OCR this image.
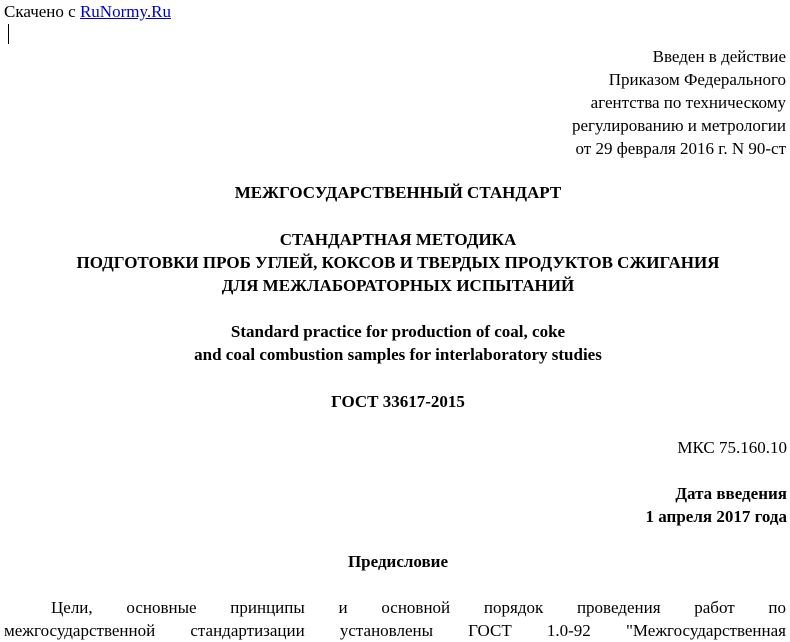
Скачено с RuNormy.Ru
Введен в действие
Приказом Федерального
агентства по техническому
регулированию и метрологии
от 29 февраля 2016 г. N 90-ст
МЕЖГОСУДАРСТВЕННЫЙ СТАНДАРТ
СТАНДАРТНАЯ МЕТОДИКА
ПОДГОТОВКИ ПРОБ УГЛЕЙ, КОКСОВ И ТВЕРДЫХ ПРОДУКТОВ СЖИГАНИЯ
ДЛЯ МЕЖЛАБОРАТОРНЫХ ИСПЫТАНИЙ
Standard practice for production of coal, coke
and coal combustion samples for interlaboratory studies
ГОСТ 33617-2015
МКС 75.160.10
Дата введения
1 апреля 2017 года
Предисловие
Цели, основные принципы и основной порядок проведения работ по
межгосударственной стандартизации установлены ГОСТ 1.0-92 "Межгосударственная
